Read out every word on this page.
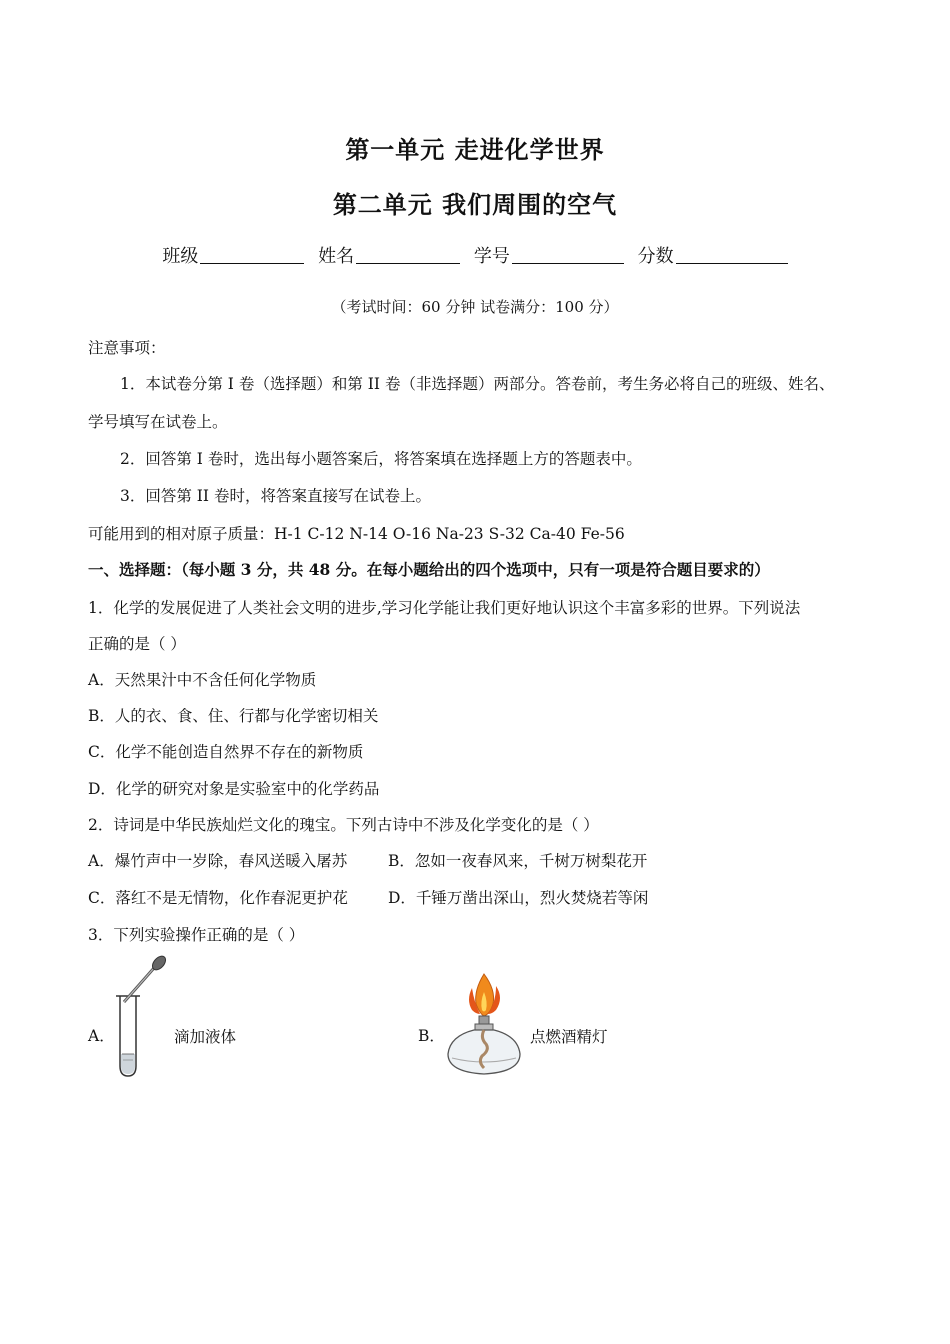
第一单元 走进化学世界
第二单元 我们周围的空气
班级	姓名	学号	分数
（考试时间：60 分钟 试卷满分：100 分）
注意事项：
1．本试卷分第 I 卷（选择题）和第 II 卷（非选择题）两部分。答卷前，考生务必将自己的班级、姓名、
学号填写在试卷上。
2．回答第 I 卷时，选出每小题答案后，将答案填在选择题上方的答题表中。
3．回答第 II 卷时，将答案直接写在试卷上。
可能用到的相对原子质量：H-1 C-12 N-14 O-16 Na-23 S-32 Ca-40 Fe-56
一、选择题：（每小题 3 分，共 48 分。在每小题给出的四个选项中，只有一项是符合题目要求的）
1．化学的发展促进了人类社会文明的进步,学习化学能让我们更好地认识这个丰富多彩的世界。下列说法
正确的是（ ）
A．天然果汁中不含任何化学物质
B．人的衣、食、住、行都与化学密切相关
C．化学不能创造自然界不存在的新物质
D．化学的研究对象是实验室中的化学药品
2．诗词是中华民族灿烂文化的瑰宝。下列古诗中不涉及化学变化的是（ ）
A．爆竹声中一岁除，春风送暖入屠苏	B．忽如一夜春风来，千树万树梨花开
C．落红不是无情物，化作春泥更护花	D．千锤万凿出深山，烈火焚烧若等闲
3．下列实验操作正确的是（ ）
A．	滴加液体	B．	点燃酒精灯
